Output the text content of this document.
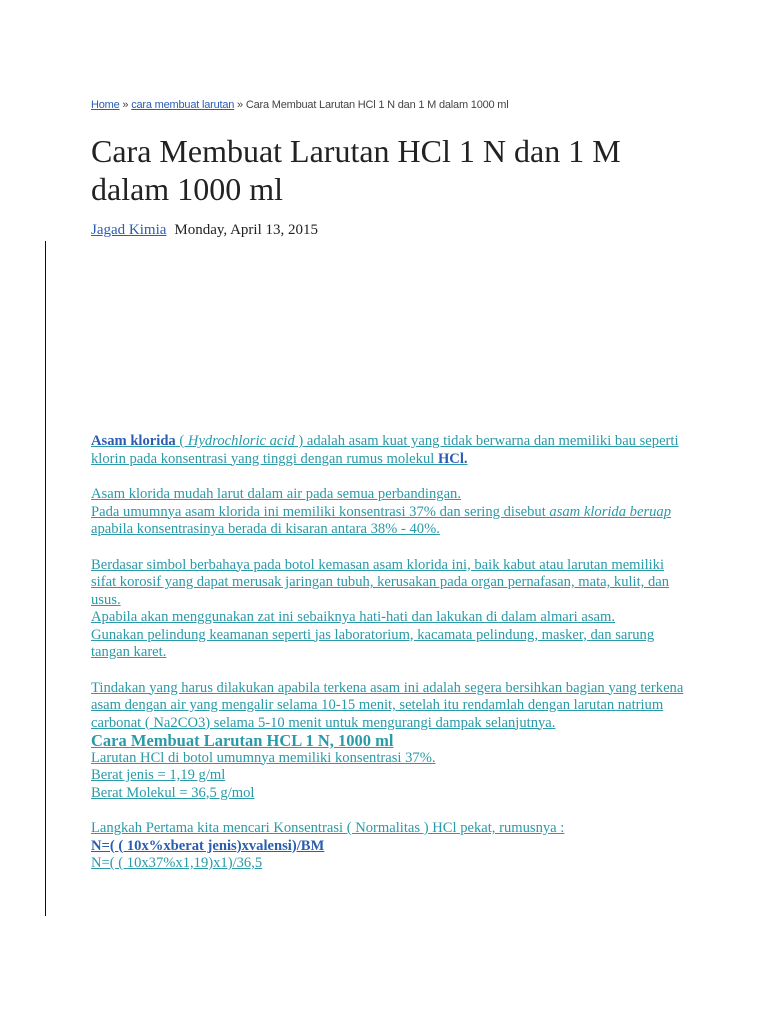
Home » cara membuat larutan » Cara Membuat Larutan HCl 1 N dan 1 M dalam 1000 ml
Cara Membuat Larutan HCl 1 N dan 1 M dalam 1000 ml
Jagad Kimia Monday, April 13, 2015

Asam klorida ( Hydrochloric acid ) adalah asam kuat yang tidak berwarna dan memiliki bau seperti klorin pada konsentrasi yang tinggi dengan rumus molekul HCl.

Asam klorida mudah larut dalam air pada semua perbandingan.
Pada umumnya asam klorida ini memiliki konsentrasi 37% dan sering disebut asam klorida beruap apabila konsentrasinya berada di kisaran antara 38% - 40%.

Berdasar simbol berbahaya pada botol kemasan asam klorida ini, baik kabut atau larutan memiliki sifat korosif yang dapat merusak jaringan tubuh, kerusakan pada organ pernafasan, mata, kulit, dan usus.
Apabila akan menggunakan zat ini sebaiknya hati-hati dan lakukan di dalam almari asam.
Gunakan pelindung keamanan seperti jas laboratorium, kacamata pelindung, masker, dan sarung tangan karet.

Tindakan yang harus dilakukan apabila terkena asam ini adalah segera bersihkan bagian yang terkena asam dengan air yang mengalir selama 10-15 menit, setelah itu rendamlah dengan larutan natrium carbonat ( Na2CO3) selama 5-10 menit untuk mengurangi dampak selanjutnya.

Cara Membuat Larutan HCL 1 N, 1000 ml

Larutan HCl di botol umumnya memiliki konsentrasi 37%.
Berat jenis = 1,19 g/ml
Berat Molekul = 36,5 g/mol

Langkah Pertama kita mencari Konsentrasi ( Normalitas ) HCl pekat, rumusnya :
N=( ( 10x%xberat jenis)xvalensi)/BM
N=( ( 10x37%x1,19)x1)/36,5
